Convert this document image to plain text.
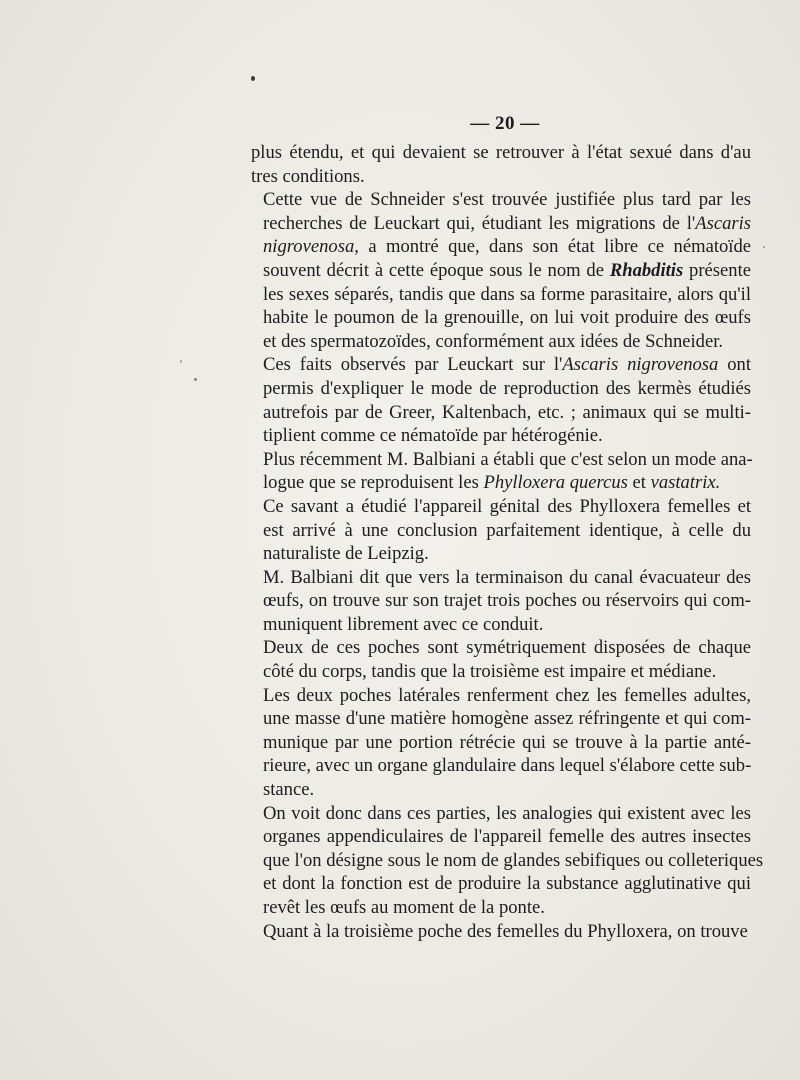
— 20 —

plus étendu, et qui devaient se retrouver à l'état sexué dans d'au
tres conditions.

Cette vue de Schneider s'est trouvée justifiée plus tard par les
recherches de Leuckart qui, étudiant les migrations de l'Ascaris
nigrovenosa, a montré que, dans son état libre ce nématoïde
souvent décrit à cette époque sous le nom de Rhabditis présente
les sexes séparés, tandis que dans sa forme parasitaire, alors qu'il
habite le poumon de la grenouille, on lui voit produire des œufs
et des spermatozoïdes, conformément aux idées de Schneider.

Ces faits observés par Leuckart sur l'Ascaris nigrovenosa ont
permis d'expliquer le mode de reproduction des kermès étudiés
autrefois par de Greer, Kaltenbach, etc. ; animaux qui se multi-
tiplient comme ce nématoïde par hétérogénie.

Plus récemment M. Balbiani a établi que c'est selon un mode ana-
logue que se reproduisent les Phylloxera quercus et vastatrix.

Ce savant a étudié l'appareil génital des Phylloxera femelles et
est arrivé à une conclusion parfaitement identique, à celle du
naturaliste de Leipzig.

M. Balbiani dit que vers la terminaison du canal évacuateur des
œufs, on trouve sur son trajet trois poches ou réservoirs qui com-
muniquent librement avec ce conduit.

Deux de ces poches sont symétriquement disposées de chaque
côté du corps, tandis que la troisième est impaire et médiane.

Les deux poches latérales renferment chez les femelles adultes,
une masse d'une matière homogène assez réfringente et qui com-
munique par une portion rétrécie qui se trouve à la partie anté-
rieure, avec un organe glandulaire dans lequel s'élabore cette sub-
stance.

On voit donc dans ces parties, les analogies qui existent avec les
organes appendiculaires de l'appareil femelle des autres insectes
que l'on désigne sous le nom de glandes sebifiques ou colleteriques
et dont la fonction est de produire la substance agglutinative qui
revêt les œufs au moment de la ponte.

Quant à la troisième poche des femelles du Phylloxera, on trouve
